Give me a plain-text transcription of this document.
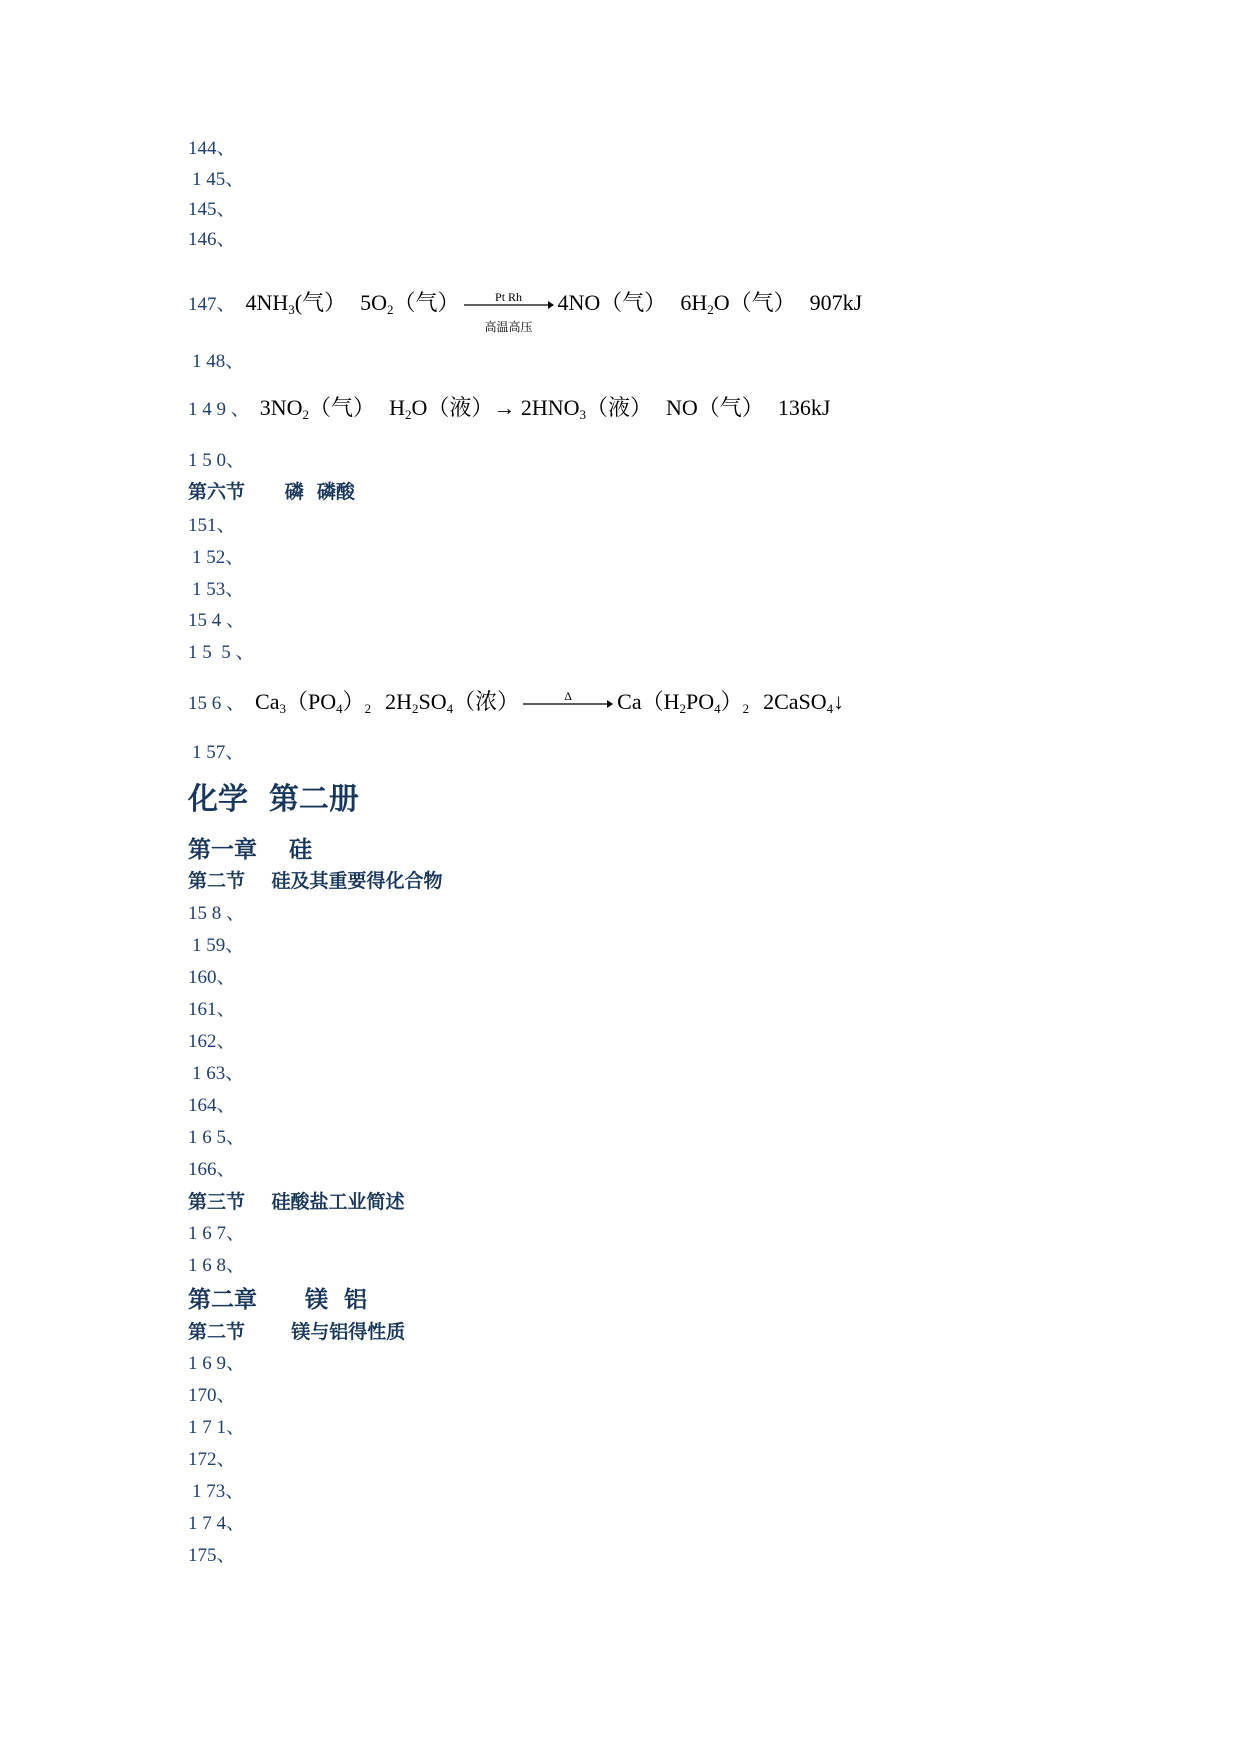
144、
1 45、
145、
146、
147、 $4NH_3$(气） $5O_2$（气）	Pt Rh
高温高压
4NO（气） $6H_2O$（气） 907kJ
1 48、
1 4 9 、 $3NO_2$（气） $H_2O$（液）→ $2HNO_3$（液） NO（气） 136kJ
1 5 0、
第六节      磷  磷酸
151、
1 52、
1 53、
15 4 、
1 5  5 、
15 6 、 $Ca_3(PO_4)_2$ $2H_2SO_4$（浓）	Δ	$Ca(H_2PO_4)_2$ 2CaSO$_4$↓
1 57、
化学  第二册
第一章    硅
第二节    硅及其重要得化合物
15 8 、
1 59、
160、
161、
162、
1 63、
164、
1 6 5、
166、
第三节    硅酸盐工业简述
1 6 7、
1 6 8、
第二章      镁  铝
第二节       镁与铝得性质
1 6 9、
170、
1 7 1、
172、
1 73、
1 7 4、
175、
